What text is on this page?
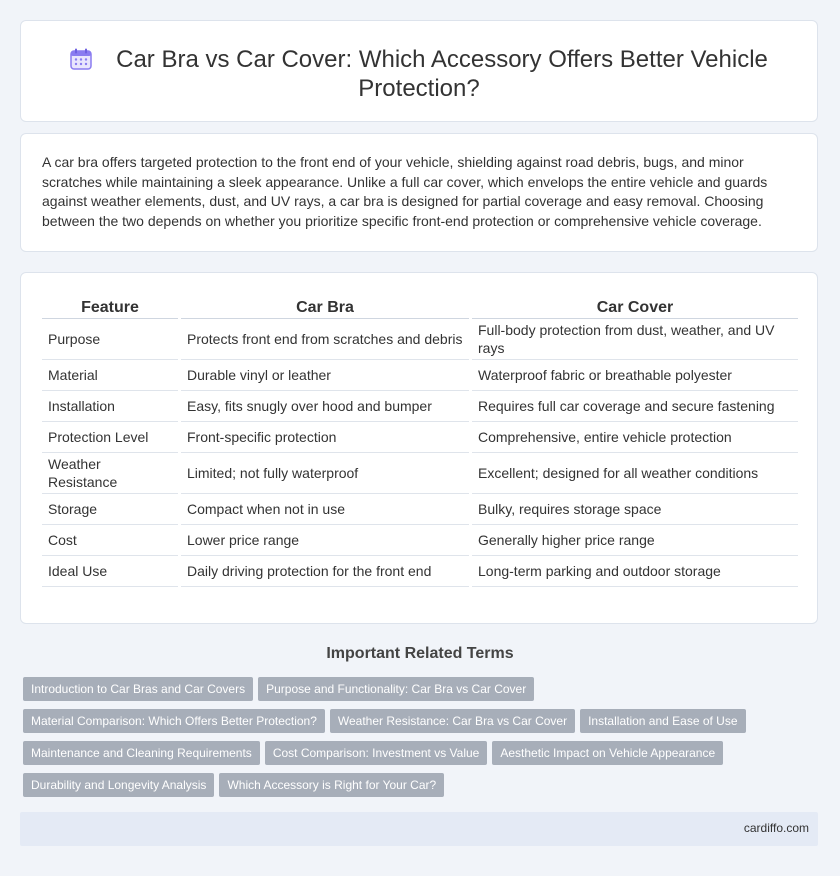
Car Bra vs Car Cover: Which Accessory Offers Better Vehicle Protection?

A car bra offers targeted protection to the front end of your vehicle, shielding against road debris, bugs, and minor scratches while maintaining a sleek appearance. Unlike a full car cover, which envelops the entire vehicle and guards against weather elements, dust, and UV rays, a car bra is designed for partial coverage and easy removal. Choosing between the two depends on whether you prioritize specific front-end protection or comprehensive vehicle coverage.

Feature	Car Bra	Car Cover
Purpose	Protects front end from scratches and debris	Full-body protection from dust, weather, and UV rays
Material	Durable vinyl or leather	Waterproof fabric or breathable polyester
Installation	Easy, fits snugly over hood and bumper	Requires full car coverage and secure fastening
Protection Level	Front-specific protection	Comprehensive, entire vehicle protection
Weather Resistance	Limited; not fully waterproof	Excellent; designed for all weather conditions
Storage	Compact when not in use	Bulky, requires storage space
Cost	Lower price range	Generally higher price range
Ideal Use	Daily driving protection for the front end	Long-term parking and outdoor storage
Important Related Terms
Introduction to Car Bras and Car Covers Purpose and Functionality: Car Bra vs Car Cover
Material Comparison: Which Offers Better Protection? Weather Resistance: Car Bra vs Car Cover Installation and Ease of Use
Maintenance and Cleaning Requirements Cost Comparison: Investment vs Value Aesthetic Impact on Vehicle Appearance
Durability and Longevity Analysis Which Accessory is Right for Your Car?
cardiffo.com
